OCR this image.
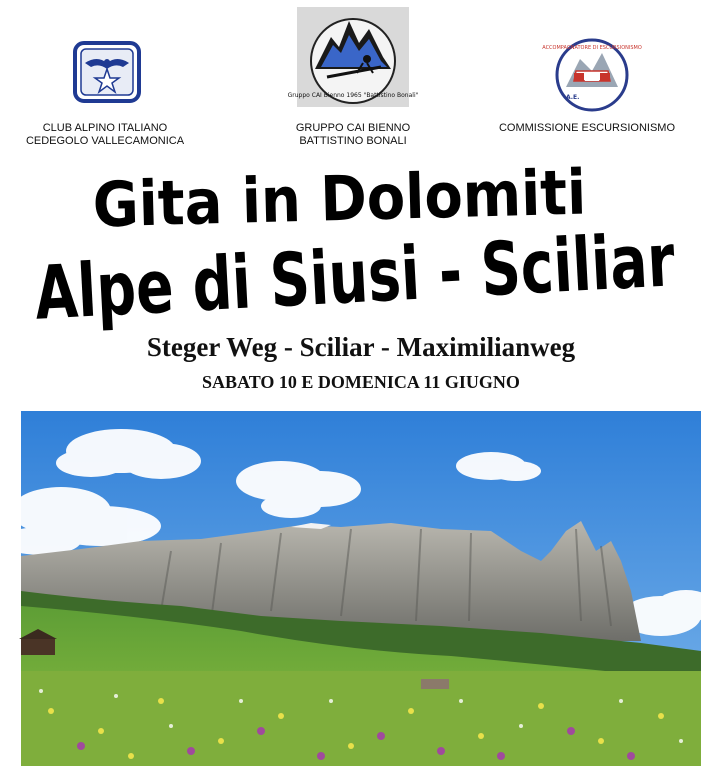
Gruppo CAI Bienno 1965 "Battistino Bonali"
ACCOMPAGNATORE DI ESCURSIONISMO
A.E.
CLUB ALPINO ITALIANO
CEDEGOLO VALLECAMONICA
GRUPPO CAI BIENNO
BATTISTINO BONALI
COMMISSIONE ESCURSIONISMO
Gita in Dolomiti
Alpe di Siusi - Sciliar
Steger Weg - Sciliar - Maximilianweg
SABATO 10 E DOMENICA 11 GIUGNO
